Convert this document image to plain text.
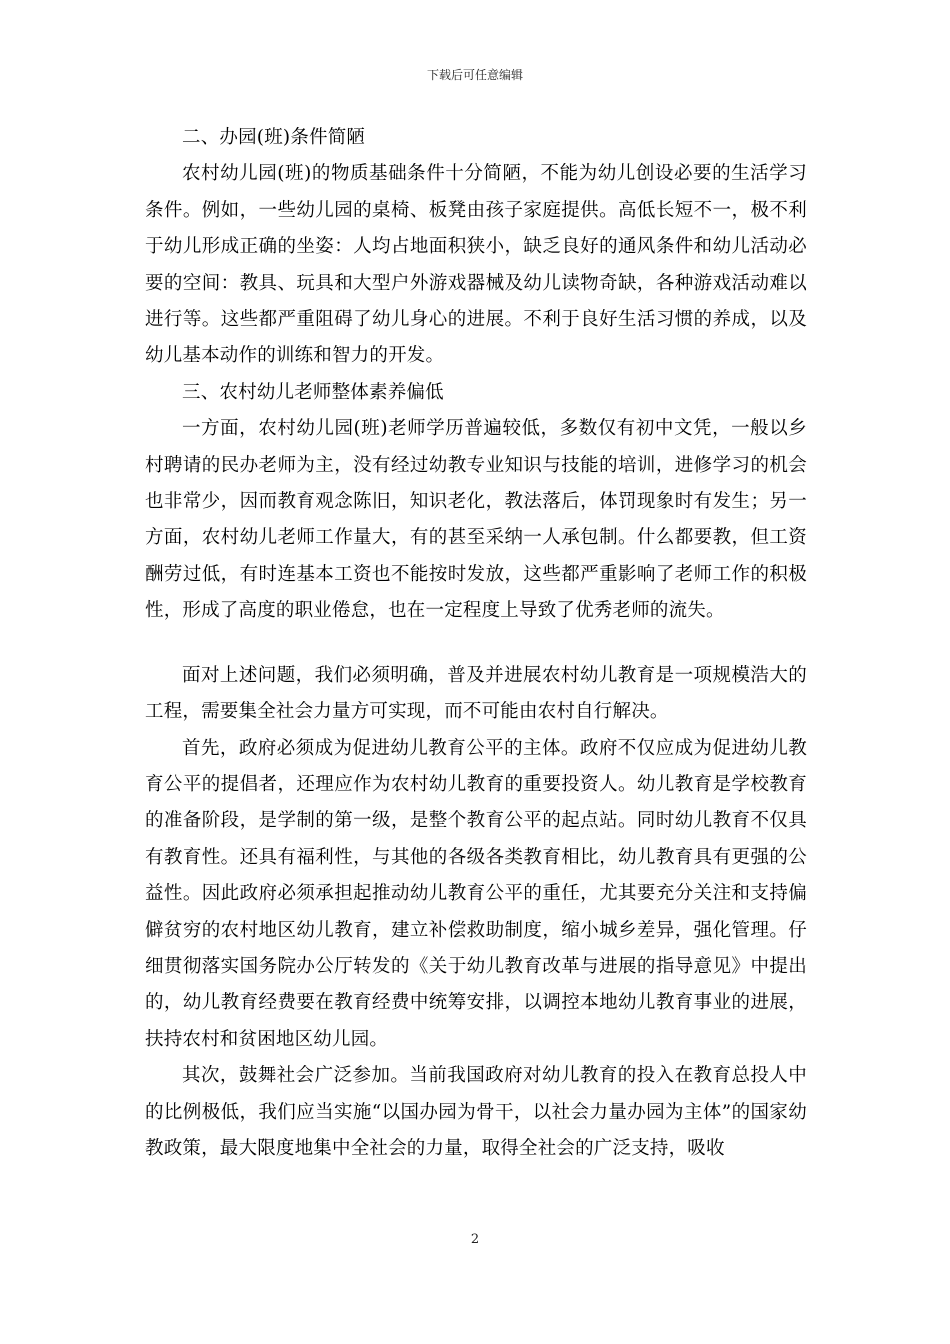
下载后可任意编辑

二、办园(班)条件简陋

农村幼儿园(班)的物质基础条件十分简陋，不能为幼儿创设必要的生活学习条件。例如，一些幼儿园的桌椅、板凳由孩子家庭提供。高低长短不一，极不利于幼儿形成正确的坐姿：人均占地面积狭小，缺乏良好的通风条件和幼儿活动必要的空间：教具、玩具和大型户外游戏器械及幼儿读物奇缺，各种游戏活动难以进行等。这些都严重阻碍了幼儿身心的进展。不利于良好生活习惯的养成，以及幼儿基本动作的训练和智力的开发。

三、农村幼儿老师整体素养偏低

一方面，农村幼儿园(班)老师学历普遍较低，多数仅有初中文凭，一般以乡村聘请的民办老师为主，没有经过幼教专业知识与技能的培训，进修学习的机会也非常少，因而教育观念陈旧，知识老化，教法落后，体罚现象时有发生；另一方面，农村幼儿老师工作量大，有的甚至采纳一人承包制。什么都要教，但工资酬劳过低，有时连基本工资也不能按时发放，这些都严重影响了老师工作的积极性，形成了高度的职业倦怠，也在一定程度上导致了优秀老师的流失。

面对上述问题，我们必须明确，普及并进展农村幼儿教育是一项规模浩大的工程，需要集全社会力量方可实现，而不可能由农村自行解决。

首先，政府必须成为促进幼儿教育公平的主体。政府不仅应成为促进幼儿教育公平的提倡者，还理应作为农村幼儿教育的重要投资人。幼儿教育是学校教育的准备阶段，是学制的第一级，是整个教育公平的起点站。同时幼儿教育不仅具有教育性。还具有福利性，与其他的各级各类教育相比，幼儿教育具有更强的公益性。因此政府必须承担起推动幼儿教育公平的重任，尤其要充分关注和支持偏僻贫穷的农村地区幼儿教育，建立补偿救助制度，缩小城乡差异，强化管理。仔细贯彻落实国务院办公厅转发的《关于幼儿教育改革与进展的指导意见》中提出的，幼儿教育经费要在教育经费中统筹安排，以调控本地幼儿教育事业的进展，扶持农村和贫困地区幼儿园。

其次，鼓舞社会广泛参加。当前我国政府对幼儿教育的投入在教育总投人中的比例极低，我们应当实施“以国办园为骨干，以社会力量办园为主体”的国家幼教政策，最大限度地集中全社会的力量，取得全社会的广泛支持，吸收

2
